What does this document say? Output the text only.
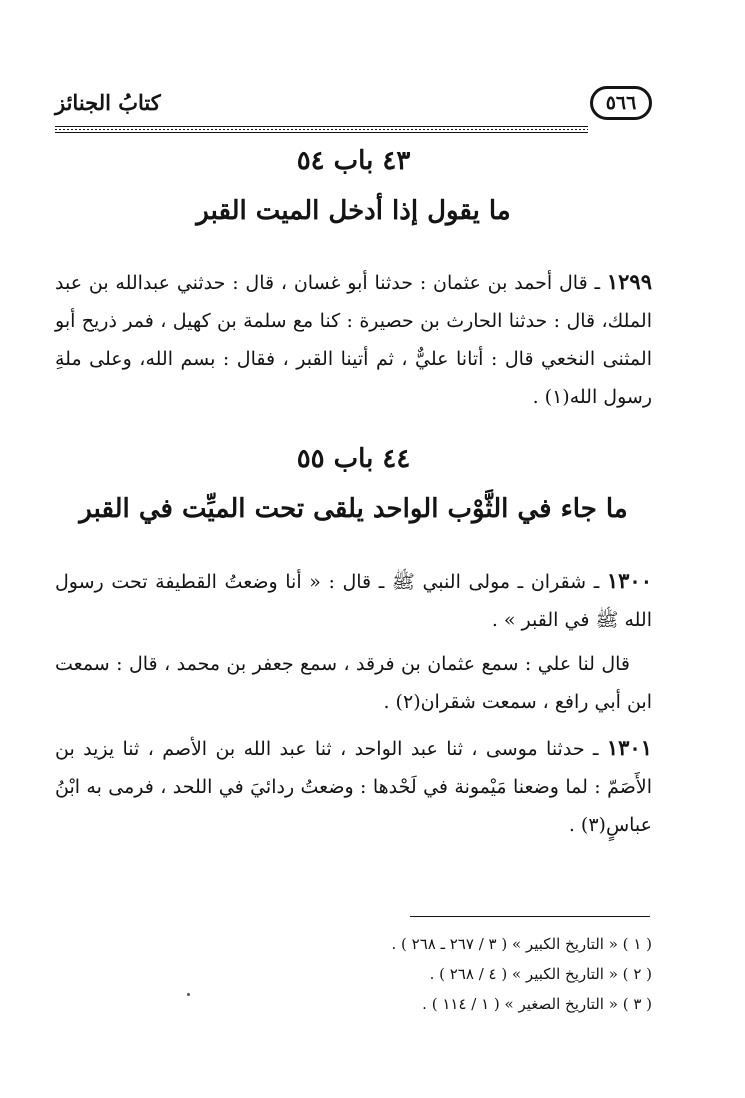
٥٦٦
كتابُ الجنائز
٤٣ باب ٥٤
ما يقول إذا أدخل الميت القبر
١٢٩٩ ـ قال أحمد بن عثمان : حدثنا أبو غسان ، قال : حدثني عبدالله بن عبد الملك، قال : حدثنا الحارث بن حصيرة : كنا مع سلمة بن كهيل ، فمر ذريح أبو المثنى النخعي قال : أتانا عليٌّ ، ثم أتينا القبر ، فقال : بسم الله، وعلى ملةِ رسول الله(١) .
٤٤ باب ٥٥
ما جاء في الثَّوْب الواحد يلقى تحت الميِّت في القبر
١٣٠٠ ـ شقران ـ مولى النبي ﷺ ـ قال : « أنا وضعتُ القطيفة تحت رسول الله ﷺ في القبر » .
قال لنا علي : سمع عثمان بن فرقد ، سمع جعفر بن محمد ، قال : سمعت ابن أبي رافع ، سمعت شقران(٢) .
١٣٠١ ـ حدثنا موسى ، ثنا عبد الواحد ، ثنا عبد الله بن الأصم ، ثنا يزيد بن الأَصَمّ : لما وضعنا مَيْمونة في لَحْدها : وضعتُ ردائيَ في اللحد ، فرمى به ابْنُ عباسٍ(٣) .
( ١ ) « التاريخ الكبير » ( ٣ / ٢٦٧ ـ ٢٦٨ ) .
( ٢ ) « التاريخ الكبير » ( ٤ / ٢٦٨ ) .
( ٣ ) « التاريخ الصغير » ( ١ / ١١٤ ) .
